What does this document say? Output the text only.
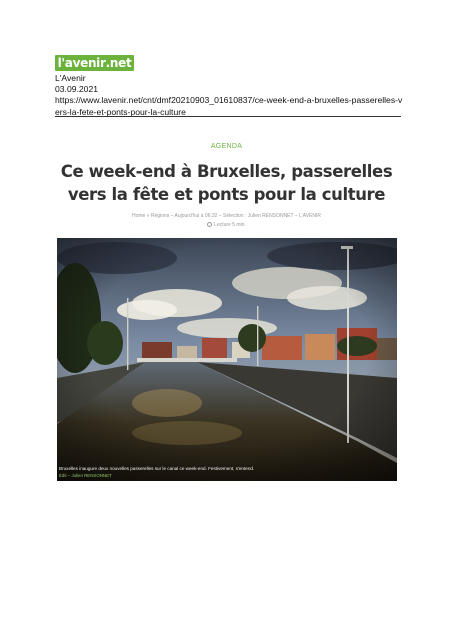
l'avenir .net
L'Avenir
03.09.2021
https://www.lavenir.net/cnt/dmf20210903_01610837/ce-week-end-a-bruxelles-passerelles-vers-la-fete-et-ponts-pour-la-culture
AGENDA
Ce week-end à Bruxelles, passerelles vers la fête et ponts pour la culture
Home » Régions – Aujourd'hui à 06:32 – Sélection : Julien RENSONNET – L'AVENIR
Lecture 5 min.
Bruxelles inaugure deux nouvelles passerelles sur le canal ce week-end. Festivement, s'entend.
Édit – Julien RENSONNET
